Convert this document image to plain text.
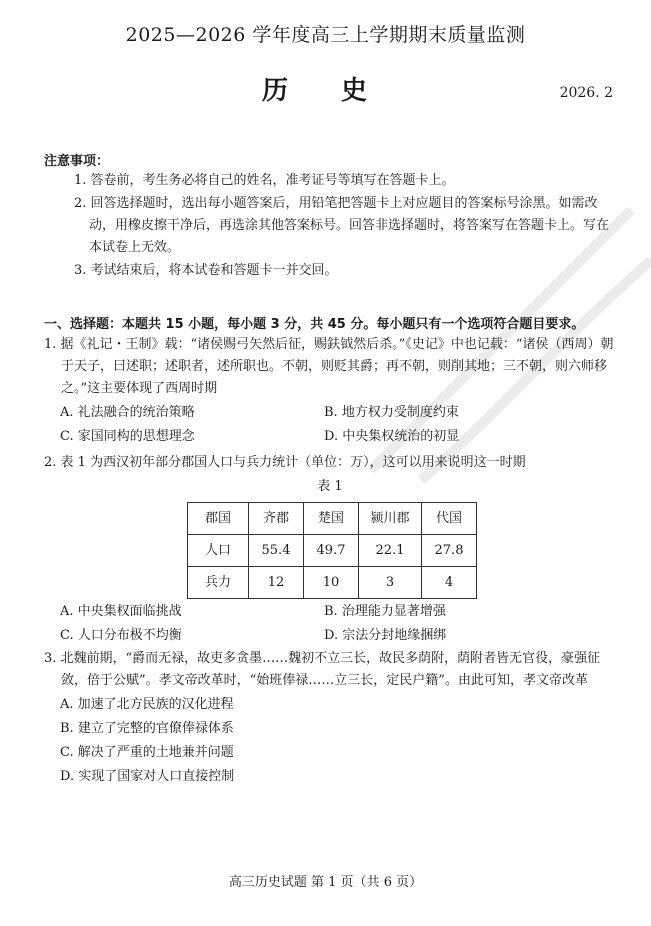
2025—2026 学年度高三上学期期末质量监测
历 史	2026. 2
注意事项：

1. 答卷前，考生务必将自己的姓名，准考证号等填写在答题卡上。

2. 回答选择题时，选出每小题答案后，用铅笔把答题卡上对应题目的答案标号涂黑。如需改动，用橡皮擦干净后，再选涂其他答案标号。回答非选择题时，将答案写在答题卡上。写在本试卷上无效。

3. 考试结束后，将本试卷和答题卡一并交回。

一、选择题：本题共 15 小题，每小题 3 分，共 45 分。每小题只有一个选项符合题目要求。

1. 据《礼记・王制》载：“诸侯赐弓矢然后征，赐鈇钺然后杀。”《史记》中也记载：“诸侯（西周）朝于天子，曰述职；述职者，述所职也。不朝，则贬其爵；再不朝，则削其地；三不朝，则六师移之。”这主要体现了西周时期

A. 礼法融合的统治策略	B. 地方权力受制度约束
C. 家国同构的思想理念	D. 中央集权统治的初显

2. 表 1 为西汉初年部分郡国人口与兵力统计（单位：万），这可以用来说明这一时期

表 1
郡国	齐郡	楚国	颍川郡	代国
人口	55.4	49.7	22.1	27.8
兵力	12	10	3	4
A. 中央集权面临挑战	B. 治理能力显著增强
C. 人口分布极不均衡	D. 宗法分封地缘捆绑

3. 北魏前期，“爵而无禄，故吏多贪墨……魏初不立三长，故民多荫附，荫附者皆无官役，豪强征敛，倍于公赋”。孝文帝改革时，“始班俸禄……立三长，定民户籍”。由此可知，孝文帝改革

A. 加速了北方民族的汉化进程
B. 建立了完整的官僚俸禄体系
C. 解决了严重的土地兼并问题
D. 实现了国家对人口直接控制
高三历史试题 第 1 页（共 6 页）
